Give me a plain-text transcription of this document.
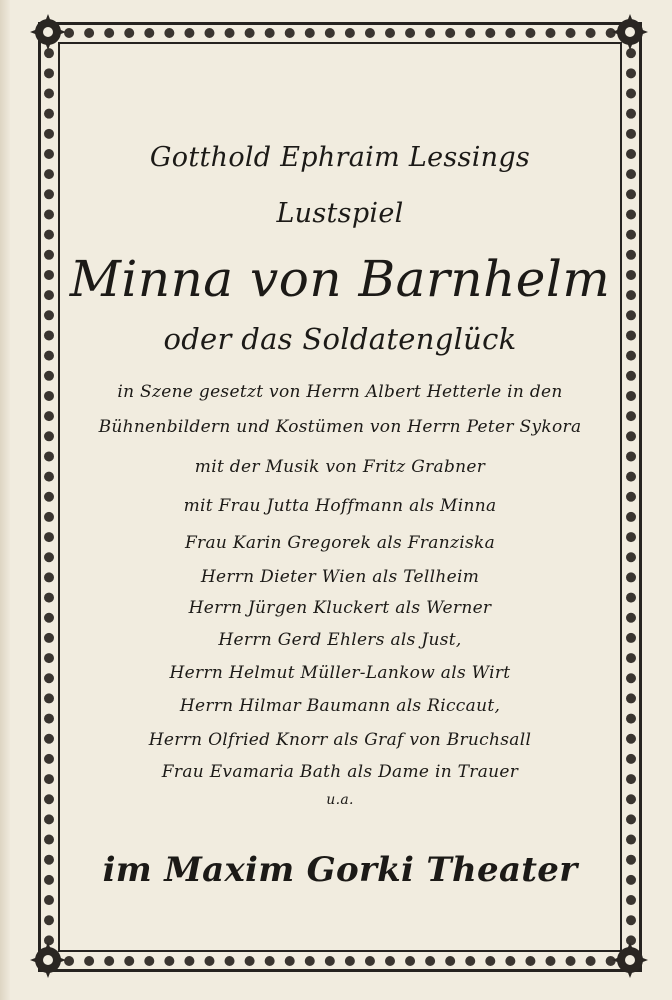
Gotthold Ephraim Lessings
Lustspiel
Minna von Barnhelm
oder das Soldatenglück
in Szene gesetzt von Herrn Albert Hetterle in den
Bühnenbildern und Kostümen von Herrn Peter Sykora
mit der Musik von Fritz Grabner
mit Frau Jutta Hoffmann als Minna
Frau Karin Gregorek als Franziska
Herrn Dieter Wien als Tellheim
Herrn Jürgen Kluckert als Werner
Herrn Gerd Ehlers als Just,
Herrn Helmut Müller-Lankow als Wirt
Herrn Hilmar Baumann als Riccaut,
Herrn Olfried Knorr als Graf von Bruchsall
Frau Evamaria Bath als Dame in Trauer
u.a.
im Maxim Gorki Theater
